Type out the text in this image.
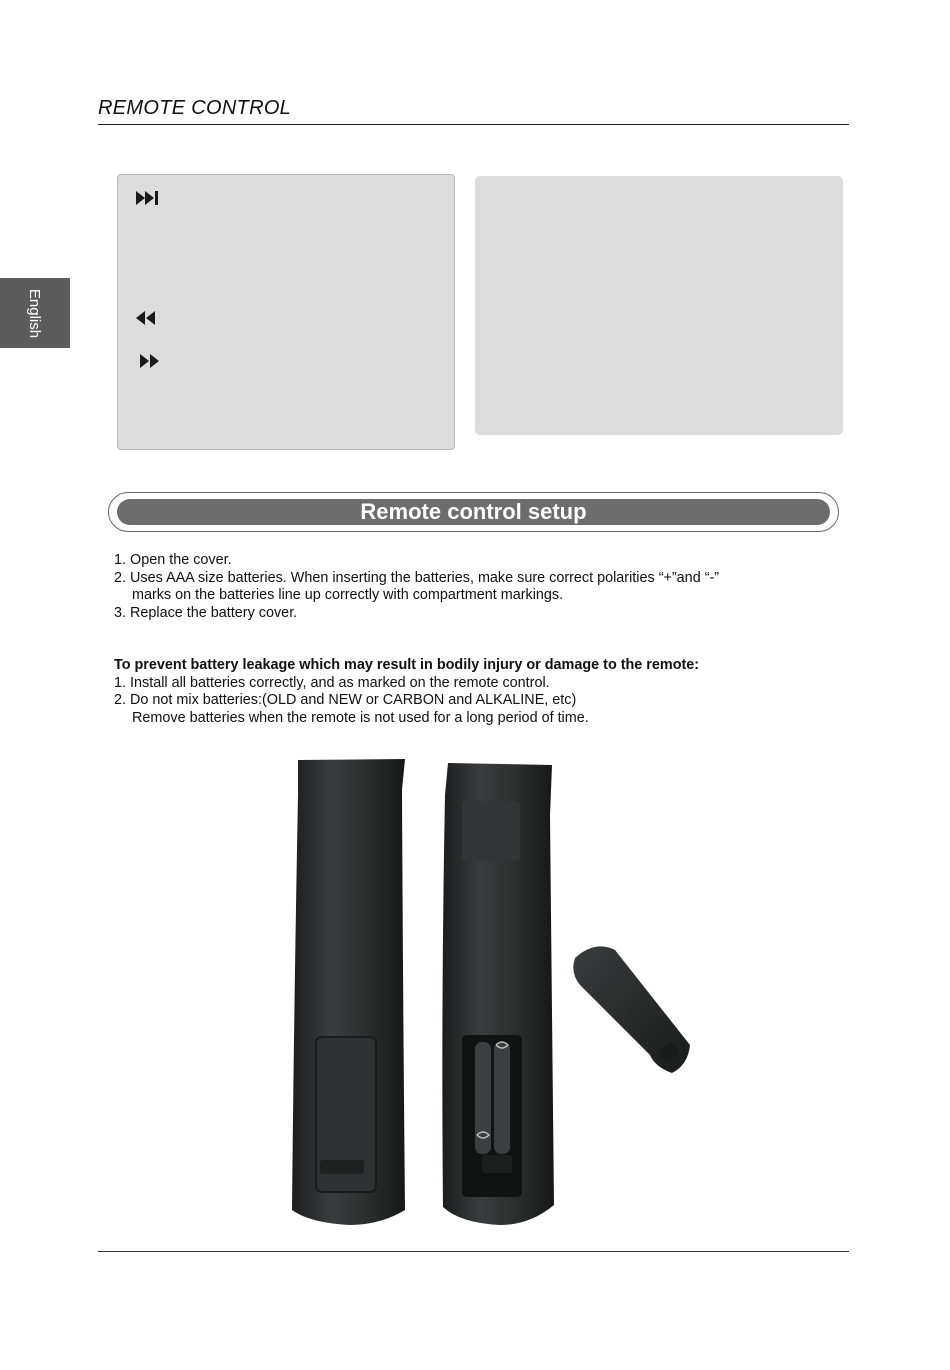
REMOTE CONTROL
English
Remote control setup

1. Open the cover.

2. Uses AAA size batteries. When inserting the batteries, make sure correct polarities “+”and “-”

marks on the batteries line up correctly with compartment markings.

3. Replace the battery cover.

To prevent battery leakage which may result in bodily injury or damage to the remote:

1. Install all batteries correctly, and as marked on the remote control.

2. Do not mix batteries:(OLD and NEW or CARBON and ALKALINE, etc)

Remove batteries when the remote is not used for a long period of time.
